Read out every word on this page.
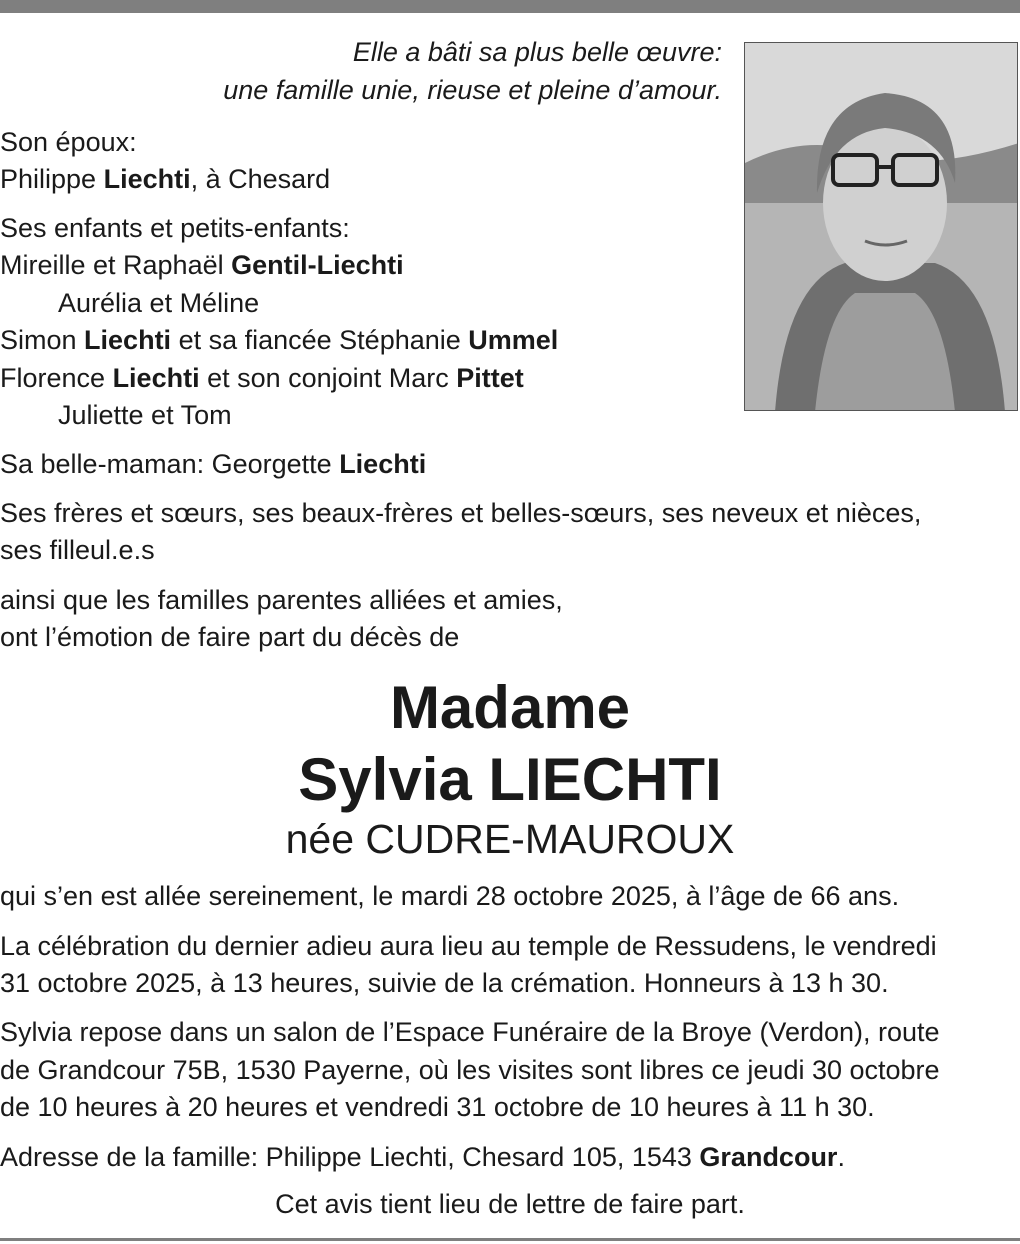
Elle a bâti sa plus belle œuvre:
une famille unie, rieuse et pleine d’amour.
Son époux:
Philippe Liechti, à Chesard
Ses enfants et petits-enfants:
Mireille et Raphaël Gentil-Liechti
Aurélia et Méline
Simon Liechti et sa fiancée Stéphanie Ummel
Florence Liechti et son conjoint Marc Pittet
Juliette et Tom
Sa belle-maman: Georgette Liechti
Ses frères et sœurs, ses beaux-frères et belles-sœurs, ses neveux et nièces,
ses filleul.e.s
ainsi que les familles parentes alliées et amies,
ont l’émotion de faire part du décès de
Madame
Sylvia LIECHTI
née CUDRE-MAUROUX
qui s’en est allée sereinement, le mardi 28 octobre 2025, à l’âge de 66 ans.
La célébration du dernier adieu aura lieu au temple de Ressudens, le vendredi
31 octobre 2025, à 13 heures, suivie de la crémation. Honneurs à 13 h 30.
Sylvia repose dans un salon de l’Espace Funéraire de la Broye (Verdon), route
de Grandcour 75B, 1530 Payerne, où les visites sont libres ce jeudi 30 octobre
de 10 heures à 20 heures et vendredi 31 octobre de 10 heures à 11 h 30.
Adresse de la famille: Philippe Liechti, Chesard 105, 1543 Grandcour.
Cet avis tient lieu de lettre de faire part.
